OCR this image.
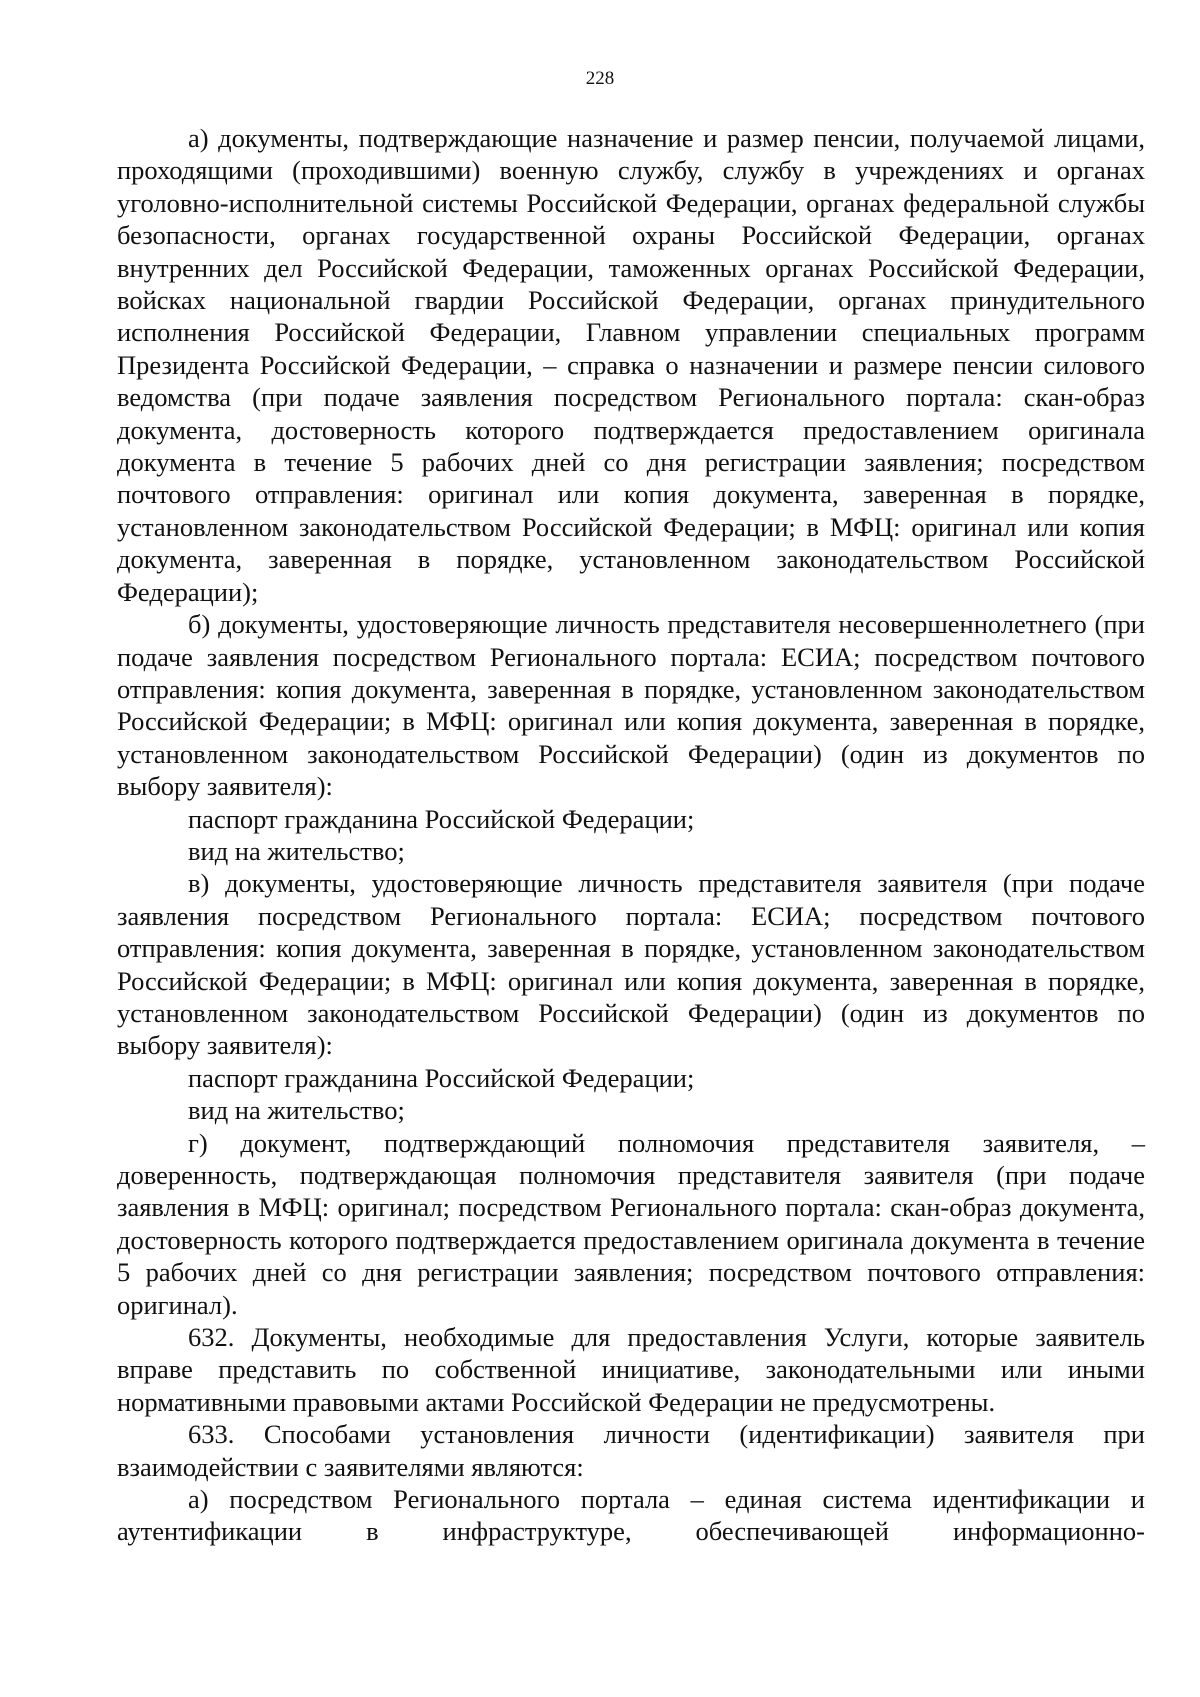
228

а) документы, подтверждающие назначение и размер пенсии, получаемой лицами, проходящими (проходившими) военную службу, службу в учреждениях и органах уголовно-исполнительной системы Российской Федерации, органах федеральной службы безопасности, органах государственной охраны Российской Федерации, органах внутренних дел Российской Федерации, таможенных органах Российской Федерации, войсках национальной гвардии Российской Федерации, органах принудительного исполнения Российской Федерации, Главном управлении специальных программ Президента Российской Федерации, – справка о назначении и размере пенсии силового ведомства (при подаче заявления посредством Регионального портала: скан-образ документа, достоверность которого подтверждается предоставлением оригинала документа в течение 5 рабочих дней со дня регистрации заявления; посредством почтового отправления: оригинал или копия документа, заверенная в порядке, установленном законодательством Российской Федерации; в МФЦ: оригинал или копия документа, заверенная в порядке, установленном законодательством Российской Федерации);

б) документы, удостоверяющие личность представителя несовершеннолетнего (при подаче заявления посредством Регионального портала: ЕСИА; посредством почтового отправления: копия документа, заверенная в порядке, установленном законодательством Российской Федерации; в МФЦ: оригинал или копия документа, заверенная в порядке, установленном законодательством Российской Федерации) (один из документов по выбору заявителя):

паспорт гражданина Российской Федерации;

вид на жительство;

в) документы, удостоверяющие личность представителя заявителя (при подаче заявления посредством Регионального портала: ЕСИА; посредством почтового отправления: копия документа, заверенная в порядке, установленном законодательством Российской Федерации; в МФЦ: оригинал или копия документа, заверенная в порядке, установленном законодательством Российской Федерации) (один из документов по выбору заявителя):

паспорт гражданина Российской Федерации;

вид на жительство;

г) документ, подтверждающий полномочия представителя заявителя, – доверенность, подтверждающая полномочия представителя заявителя (при подаче заявления в МФЦ: оригинал; посредством Регионального портала: скан-образ документа, достоверность которого подтверждается предоставлением оригинала документа в течение 5 рабочих дней со дня регистрации заявления; посредством почтового отправления: оригинал).

632. Документы, необходимые для предоставления Услуги, которые заявитель вправе представить по собственной инициативе, законодательными или иными нормативными правовыми актами Российской Федерации не предусмотрены.

633. Способами установления личности (идентификации) заявителя при взаимодействии с заявителями являются:

а) посредством Регионального портала – единая система идентификации и аутентификации в инфраструктуре, обеспечивающей информационно-
